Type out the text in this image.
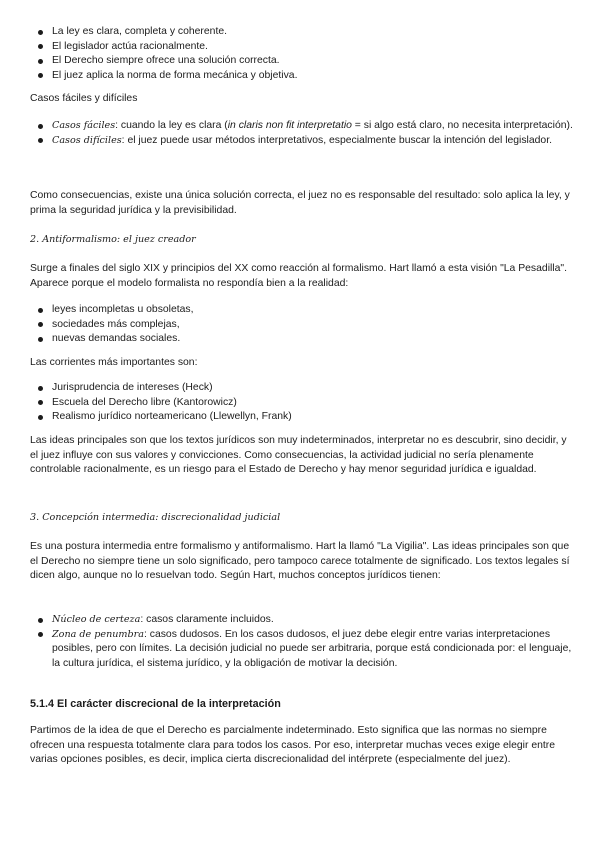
La ley es clara, completa y coherente.
El legislador actúa racionalmente.
El Derecho siempre ofrece una solución correcta.
El juez aplica la norma de forma mecánica y objetiva.

Casos fáciles y difíciles

Casos fáciles: cuando la ley es clara (in claris non fit interpretatio = si algo está claro, no necesita interpretación).
Casos difíciles: el juez puede usar métodos interpretativos, especialmente buscar la intención del legislador.

Como consecuencias, existe una única solución correcta, el juez no es responsable del resultado: solo aplica la ley, y prima la seguridad jurídica y la previsibilidad.

2. Antiformalismo: el juez creador

Surge a finales del siglo XIX y principios del XX como reacción al formalismo. Hart llamó a esta visión "La Pesadilla". Aparece porque el modelo formalista no respondía bien a la realidad:

leyes incompletas u obsoletas,
sociedades más complejas,
nuevas demandas sociales.

Las corrientes más importantes son:

Jurisprudencia de intereses (Heck)
Escuela del Derecho libre (Kantorowicz)
Realismo jurídico norteamericano (Llewellyn, Frank)

Las ideas principales son que los textos jurídicos son muy indeterminados, interpretar no es descubrir, sino decidir, y el juez influye con sus valores y convicciones. Como consecuencias, la actividad judicial no sería plenamente controlable racionalmente, es un riesgo para el Estado de Derecho y hay menor seguridad jurídica e igualdad.

3. Concepción intermedia: discrecionalidad judicial

Es una postura intermedia entre formalismo y antiformalismo. Hart la llamó "La Vigilia". Las ideas principales son que el Derecho no siempre tiene un solo significado, pero tampoco carece totalmente de significado. Los textos legales sí dicen algo, aunque no lo resuelvan todo. Según Hart, muchos conceptos jurídicos tienen:

Núcleo de certeza: casos claramente incluidos.
Zona de penumbra: casos dudosos. En los casos dudosos, el juez debe elegir entre varias interpretaciones posibles, pero con límites. La decisión judicial no puede ser arbitraria, porque está condicionada por: el lenguaje, la cultura jurídica, el sistema jurídico, y la obligación de motivar la decisión.

5.1.4 El carácter discrecional de la interpretación

Partimos de la idea de que el Derecho es parcialmente indeterminado. Esto significa que las normas no siempre ofrecen una respuesta totalmente clara para todos los casos. Por eso, interpretar muchas veces exige elegir entre varias opciones posibles, es decir, implica cierta discrecionalidad del intérprete (especialmente del juez).
